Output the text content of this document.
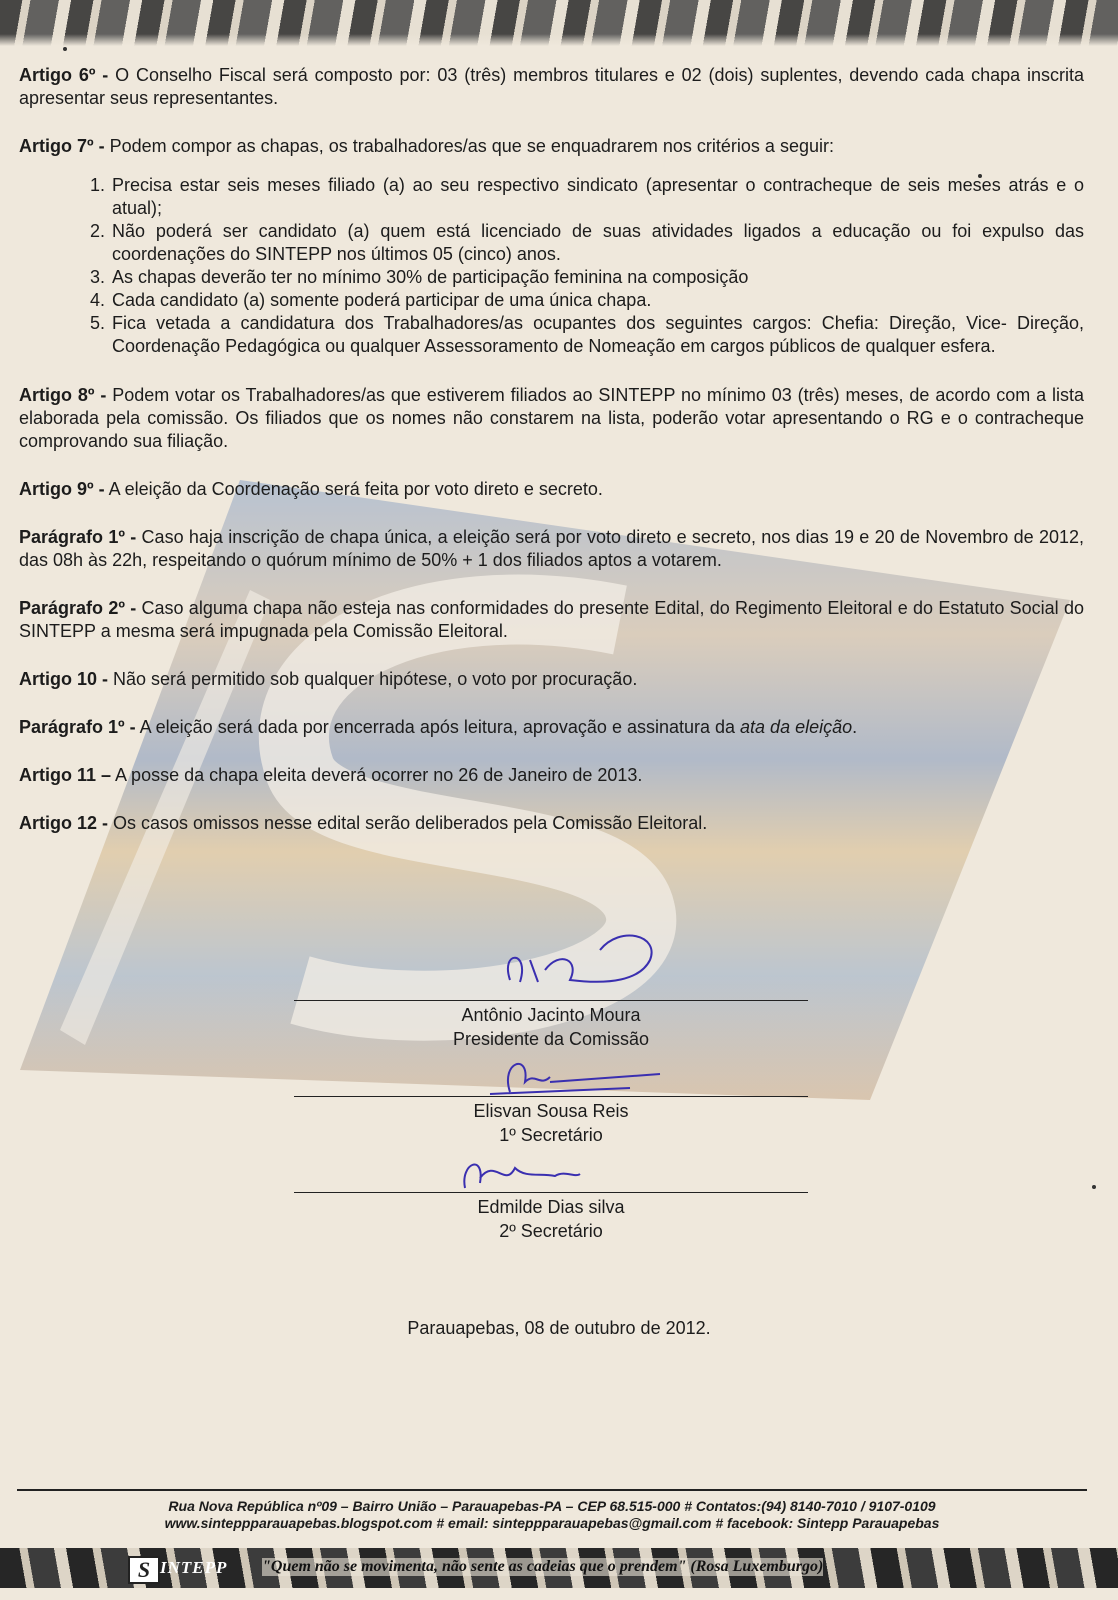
Artigo 6º - O Conselho Fiscal será composto por: 03 (três) membros titulares e 02 (dois) suplentes, devendo cada chapa inscrita apresentar seus representantes.

Artigo 7º - Podem compor as chapas, os trabalhadores/as que se enquadrarem nos critérios a seguir:

1. Precisa estar seis meses filiado (a) ao seu respectivo sindicato (apresentar o contracheque de seis meses atrás e o atual);
2. Não poderá ser candidato (a) quem está licenciado de suas atividades ligados a educação ou foi expulso das coordenações do SINTEPP nos últimos 05 (cinco) anos.
3. As chapas deverão ter no mínimo 30% de participação feminina na composição
4. Cada candidato (a) somente poderá participar de uma única chapa.
5. Fica vetada a candidatura dos Trabalhadores/as ocupantes dos seguintes cargos: Chefia: Direção, Vice- Direção, Coordenação Pedagógica ou qualquer Assessoramento de Nomeação em cargos públicos de qualquer esfera.

Artigo 8º - Podem votar os Trabalhadores/as que estiverem filiados ao SINTEPP no mínimo 03 (três) meses, de acordo com a lista elaborada pela comissão. Os filiados que os nomes não constarem na lista, poderão votar apresentando o RG e o contracheque comprovando sua filiação.

Artigo 9º - A eleição da Coordenação será feita por voto direto e secreto.

Parágrafo 1º - Caso haja inscrição de chapa única, a eleição será por voto direto e secreto, nos dias 19 e 20 de Novembro de 2012, das 08h às 22h, respeitando o quórum mínimo de 50% + 1 dos filiados aptos a votarem.

Parágrafo 2º - Caso alguma chapa não esteja nas conformidades do presente Edital, do Regimento Eleitoral e do Estatuto Social do SINTEPP a mesma será impugnada pela Comissão Eleitoral.

Artigo 10 - Não será permitido sob qualquer hipótese, o voto por procuração.

Parágrafo 1º - A eleição será dada por encerrada após leitura, aprovação e assinatura da ata da eleição.

Artigo 11 – A posse da chapa eleita deverá ocorrer no 26 de Janeiro de 2013.

Artigo 12 - Os casos omissos nesse edital serão deliberados pela Comissão Eleitoral.

Antônio Jacinto Moura
Presidente da Comissão
Elisvan Sousa Reis
1º Secretário
Edmilde Dias silva
2º Secretário
Parauapebas, 08 de outubro de 2012.
Rua Nova República nº09 – Bairro União – Parauapebas-PA – CEP 68.515-000 # Contatos:(94) 8140-7010 / 9107-0109
www.sinteppparauapebas.blogspot.com # email: sinteppparauapebas@gmail.com # facebook: Sintepp Parauapebas
S INTEPP "Quem não se movimenta, não sente as cadeias que o prendem" (Rosa Luxemburgo)
